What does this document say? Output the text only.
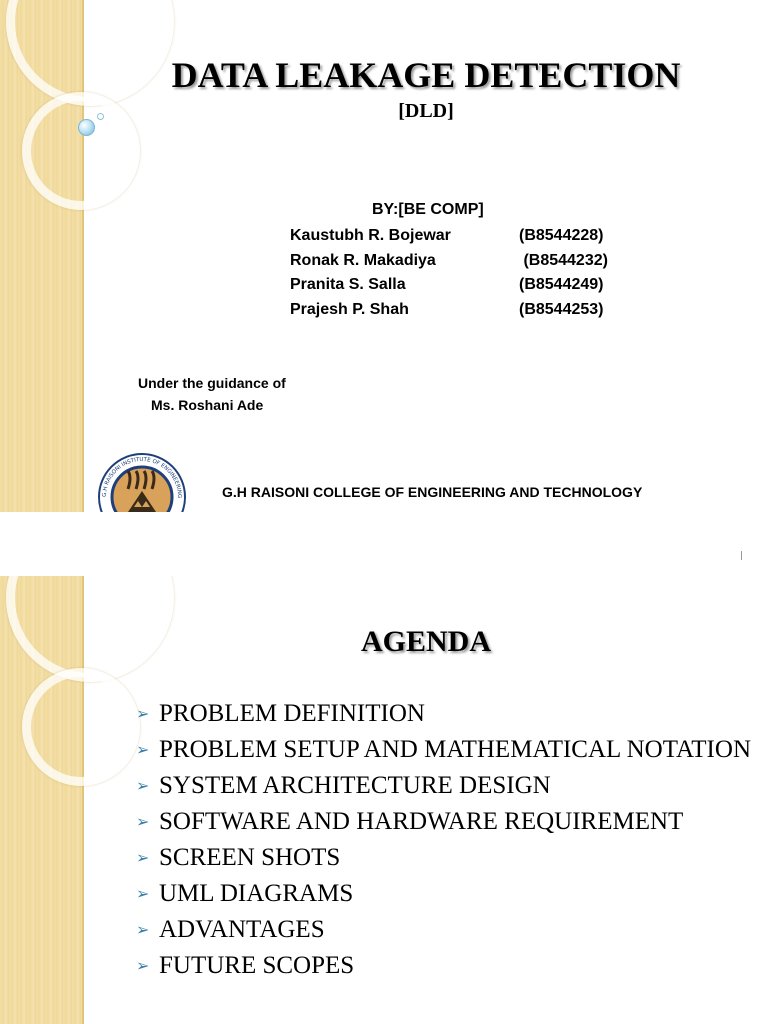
DATA LEAKAGE DETECTION
[DLD]
BY:[BE COMP]
Kaustubh R. Bojewar	(B8544228)
Ronak R. Makadiya	(B8544232)
Pranita S. Salla	(B8544249)
Prajesh P. Shah	(B8544253)
Under the guidance of
Ms. Roshani Ade
G.H RAISONI INSTITUTE OF ENGINEERING	G.H RAISONI COLLEGE OF ENGINEERING AND TECHNOLOGY
AGENDA
➢ PROBLEM DEFINITION
➢ PROBLEM SETUP AND MATHEMATICAL NOTATION
➢ SYSTEM ARCHITECTURE DESIGN
➢ SOFTWARE AND HARDWARE REQUIREMENT
➢ SCREEN SHOTS
➢ UML DIAGRAMS
➢ ADVANTAGES
➢ FUTURE SCOPES
